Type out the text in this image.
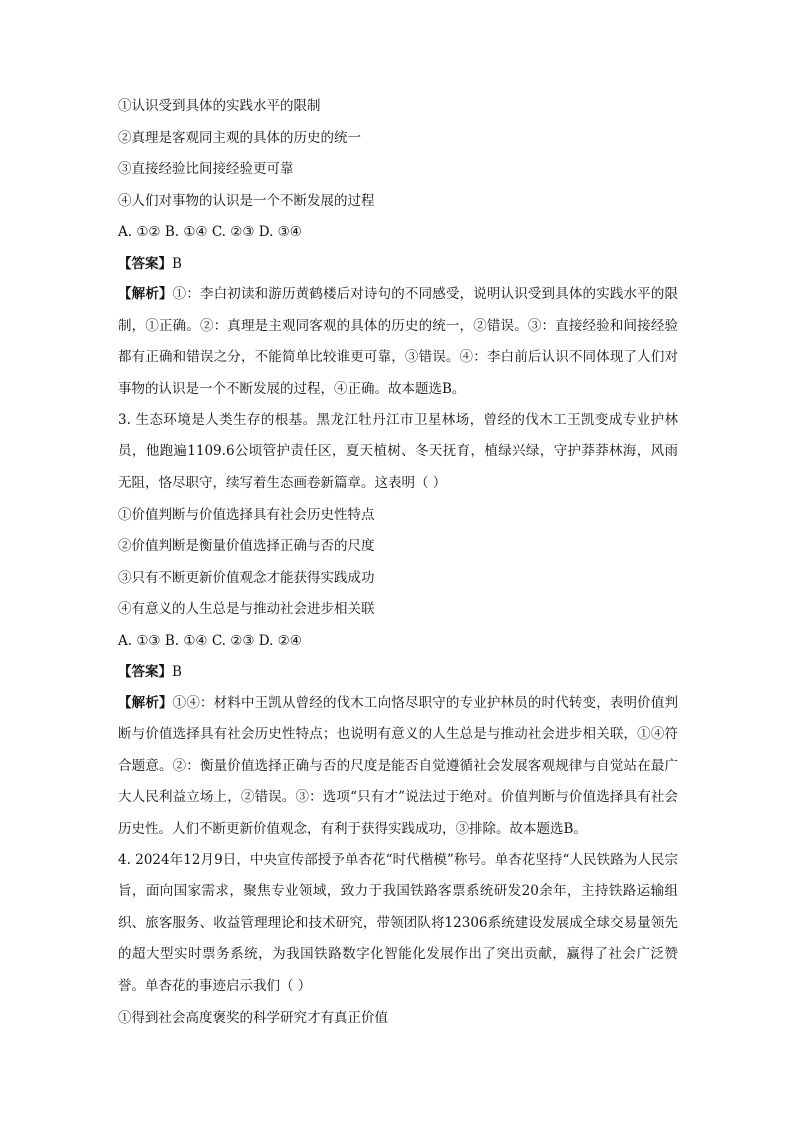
①认识受到具体的实践水平的限制
②真理是客观同主观的具体的历史的统一
③直接经验比间接经验更可靠
④人们对事物的认识是一个不断发展的过程
A. ①② B. ①④ C. ②③ D. ③④
【答案】B
【解析】①：李白初读和游历黄鹤楼后对诗句的不同感受，说明认识受到具体的实践水平的限制，①正确。②：真理是主观同客观的具体的历史的统一，②错误。③：直接经验和间接经验都有正确和错误之分，不能简单比较谁更可靠，③错误。④：李白前后认识不同体现了人们对事物的认识是一个不断发展的过程，④正确。故本题选B。
3. 生态环境是人类生存的根基。黑龙江牡丹江市卫星林场，曾经的伐木工王凯变成专业护林员，他跑遍1109.6公顷管护责任区，夏天植树、冬天抚育，植绿兴绿，守护莽莽林海，风雨无阻，恪尽职守，续写着生态画卷新篇章。这表明（ ）
①价值判断与价值选择具有社会历史性特点
②价值判断是衡量价值选择正确与否的尺度
③只有不断更新价值观念才能获得实践成功
④有意义的人生总是与推动社会进步相关联
A. ①③ B. ①④ C. ②③ D. ②④
【答案】B
【解析】①④：材料中王凯从曾经的伐木工向恪尽职守的专业护林员的时代转变，表明价值判断与价值选择具有社会历史性特点；也说明有意义的人生总是与推动社会进步相关联，①④符合题意。②：衡量价值选择正确与否的尺度是能否自觉遵循社会发展客观规律与自觉站在最广大人民利益立场上，②错误。③：选项“只有才”说法过于绝对。价值判断与价值选择具有社会历史性。人们不断更新价值观念，有利于获得实践成功，③排除。故本题选B。
4. 2024年12月9日，中央宣传部授予单杏花“时代楷模”称号。单杏花坚持“人民铁路为人民宗旨，面向国家需求，聚焦专业领域，致力于我国铁路客票系统研发20余年，主持铁路运输组织、旅客服务、收益管理理论和技术研究，带领团队将12306系统建设发展成全球交易量领先的超大型实时票务系统，为我国铁路数字化智能化发展作出了突出贡献，赢得了社会广泛赞誉。单杏花的事迹启示我们（ ）
①得到社会高度褒奖的科学研究才有真正价值
